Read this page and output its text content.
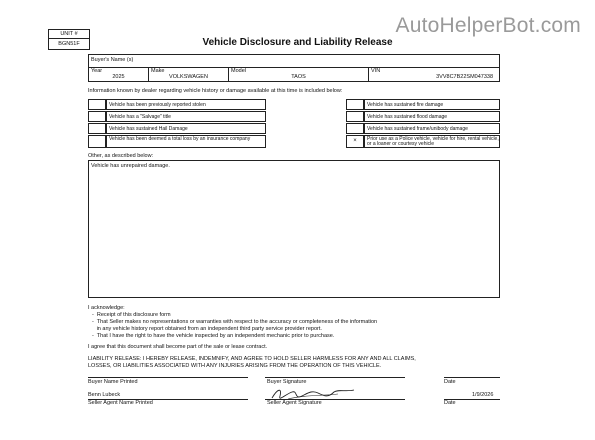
AutoHelperBot.com
UNIT #
BGN51F	Vehicle Disclosure and Liability Release
Buyer's Name (s)
Year
2025
Make
VOLKSWAGEN
Model
TAOS
VIN
3VV8C7B22SM047338
Information known by dealer regarding vehicle history or damage available at this time is included below:
Vehicle has been previously reported stolen
Vehicle has a "Salvage" title
Vehicle has sustained Hail Damage
Vehicle has been deemed a total loss by an insurance company
Vehicle has sustained fire damage
Vehicle has sustained flood damage
Vehicle has sustained frame/unibody damage
×	Prior use as a Police vehicle, vehicle for hire, rental vehicle, or a loaner or courtesy vehicle
Other, as described below:
Vehicle has unrepaired damage.
I acknowledge:
-  Receipt of this disclosure form
-  That Seller makes no representations or warranties with respect to the accuracy or completeness of the information
in any vehicle history report obtained from an independent third party service provider report.
-  That I have the right to have the vehicle inspected by an independent mechanic prior to purchase.
I agree that this document shall become part of the sale or lease contract.
LIABILITY RELEASE: I HEREBY RELEASE, INDEMNIFY, AND AGREE TO HOLD SELLER HARMLESS FOR ANY AND ALL CLAIMS,
LOSSES, OR LIABILITIES ASSOCIATED WITH ANY INJURIES ARISING FROM THE OPERATION OF THIS VEHICLE.
Buyer Name Printed	Buyer Signature	Date
Benn Lubeck
Seller Agent Name Printed	Seller Agent Signature
1/9/2026
Date
